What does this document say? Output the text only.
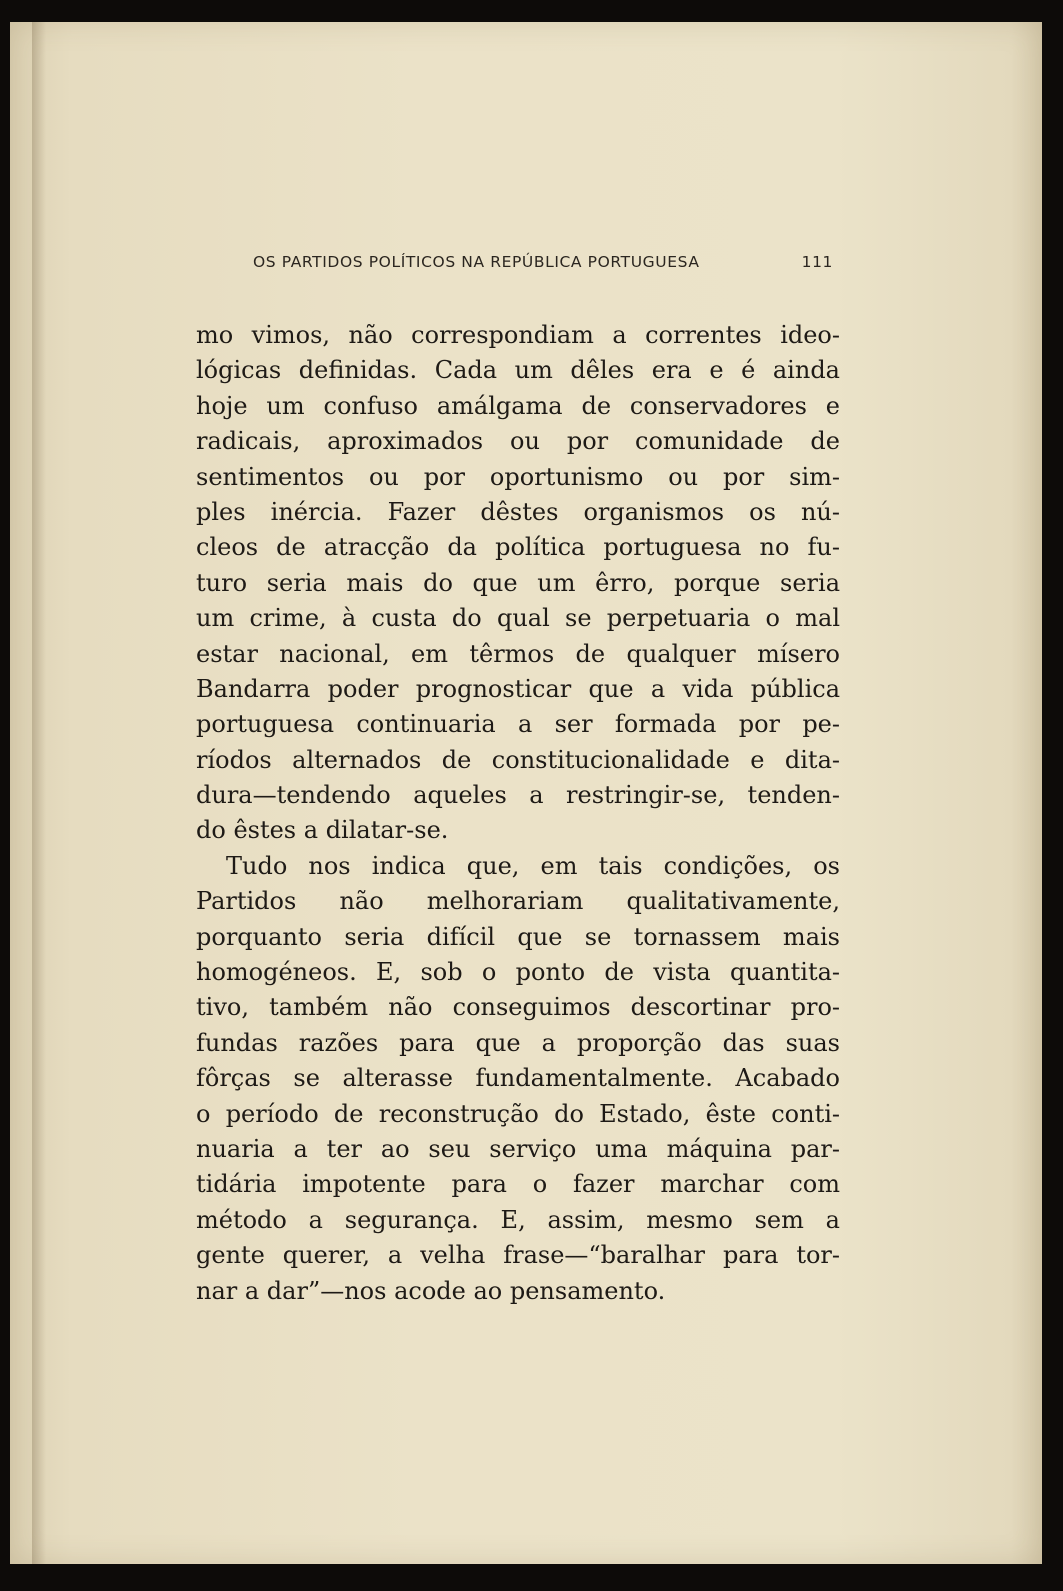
OS PARTIDOS POLÍTICOS NA REPÚBLICA PORTUGUESA	111
mo vimos, não correspondiam a correntes ideo-
lógicas definidas. Cada um dêles era e é ainda
hoje um confuso amálgama de conservadores e
radicais, aproximados ou por comunidade de
sentimentos ou por oportunismo ou por sim-
ples inércia. Fazer dêstes organismos os nú-
cleos de atracção da política portuguesa no fu-
turo seria mais do que um êrro, porque seria
um crime, à custa do qual se perpetuaria o mal
estar nacional, em têrmos de qualquer mísero
Bandarra poder prognosticar que a vida pública
portuguesa continuaria a ser formada por pe-
ríodos alternados de constitucionalidade e dita-
dura—tendendo aqueles a restringir-se, tenden-
do êstes a dilatar-se.
Tudo nos indica que, em tais condições, os
Partidos não melhorariam qualitativamente,
porquanto seria difícil que se tornassem mais
homogéneos. E, sob o ponto de vista quantita-
tivo, também não conseguimos descortinar pro-
fundas razões para que a proporção das suas
fôrças se alterasse fundamentalmente. Acabado
o período de reconstrução do Estado, êste conti-
nuaria a ter ao seu serviço uma máquina par-
tidária impotente para o fazer marchar com
método a segurança. E, assim, mesmo sem a
gente querer, a velha frase—“baralhar para tor-
nar a dar”—nos acode ao pensamento.
